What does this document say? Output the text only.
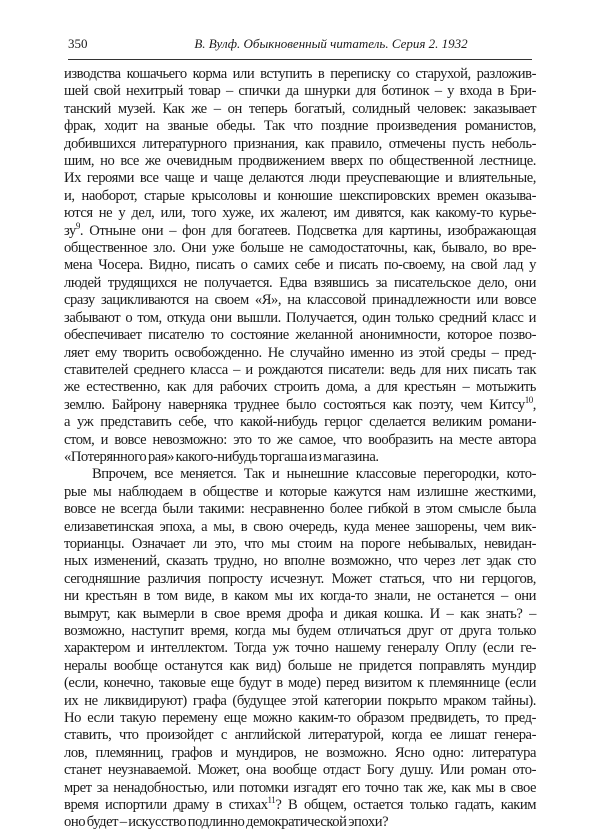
350	В. Вулф. Обыкновенный читатель. Серия 2. 1932
изводства кошачьего корма или вступить в переписку со старухой, разложив-
шей свой нехитрый товар – спички да шнурки для ботинок – у входа в Бри-
танский музей. Как же – он теперь богатый, солидный человек: заказывает
фрак, ходит на званые обеды. Так что поздние произведения романистов,
добившихся литературного признания, как правило, отмечены пусть неболь-
шим, но все же очевидным продвижением вверх по общественной лестнице.
Их героями все чаще и чаще делаются люди преуспевающие и влиятельные,
и, наоборот, старые крысоловы и конюшие шекспировских времен оказыва-
ются не у дел, или, того хуже, их жалеют, им дивятся, как какому-то курье-
$зу^9$. Отныне они – фон для богатеев. Подсветка для картины, изображающая
общественное зло. Они уже больше не самодостаточны, как, бывало, во вре-
мена Чосера. Видно, писать о самих себе и писать по-своему, на свой лад у
людей трудящихся не получается. Едва взявшись за писательское дело, они
сразу зацикливаются на своем «Я», на классовой принадлежности или вовсе
забывают о том, откуда они вышли. Получается, один только средний класс и
обеспечивает писателю то состояние желанной анонимности, которое позво-
ляет ему творить освобожденно. Не случайно именно из этой среды – пред-
ставителей среднего класса – и рождаются писатели: ведь для них писать так
же естественно, как для рабочих строить дома, а для крестьян – мотыжить
землю. Байрону наверняка труднее было состояться как поэту, чем Китсу$^{10}$,
а уж представить себе, что какой-нибудь герцог сделается великим романи-
стом, и вовсе невозможно: это то же самое, что вообразить на месте автора
«Потерянного рая» какого-нибудь торгаша из магазина.
Впрочем, все меняется. Так и нынешние классовые перегородки, кото-
рые мы наблюдаем в обществе и которые кажутся нам излишне жесткими,
вовсе не всегда были такими: несравненно более гибкой в этом смысле была
елизаветинская эпоха, а мы, в свою очередь, куда менее зашорены, чем вик-
торианцы. Означает ли это, что мы стоим на пороге небывалых, невидан-
ных изменений, сказать трудно, но вполне возможно, что через лет эдак сто
сегодняшние различия попросту исчезнут. Может статься, что ни герцогов,
ни крестьян в том виде, в каком мы их когда-то знали, не останется – они
вымрут, как вымерли в свое время дрофа и дикая кошка. И – как знать? –
возможно, наступит время, когда мы будем отличаться друг от друга только
характером и интеллектом. Тогда уж точно нашему генералу Оплу (если ге-
нералы вообще останутся как вид) больше не придется поправлять мундир
(если, конечно, таковые еще будут в моде) перед визитом к племяннице (если
их не ликвидируют) графа (будущее этой категории покрыто мраком тайны).
Но если такую перемену еще можно каким-то образом предвидеть, то пред-
ставить, что произойдет с английской литературой, когда ее лишат генера-
лов, племянниц, графов и мундиров, не возможно. Ясно одно: литература
станет неузнаваемой. Может, она вообще отдаст Богу душу. Или роман ото-
мрет за ненадобностью, или потомки изгадят его точно так же, как мы в свое
время испортили драму в стихах$^{11}$? В общем, остается только гадать, каким
оно будет – искусство подлинно демократической эпохи?
